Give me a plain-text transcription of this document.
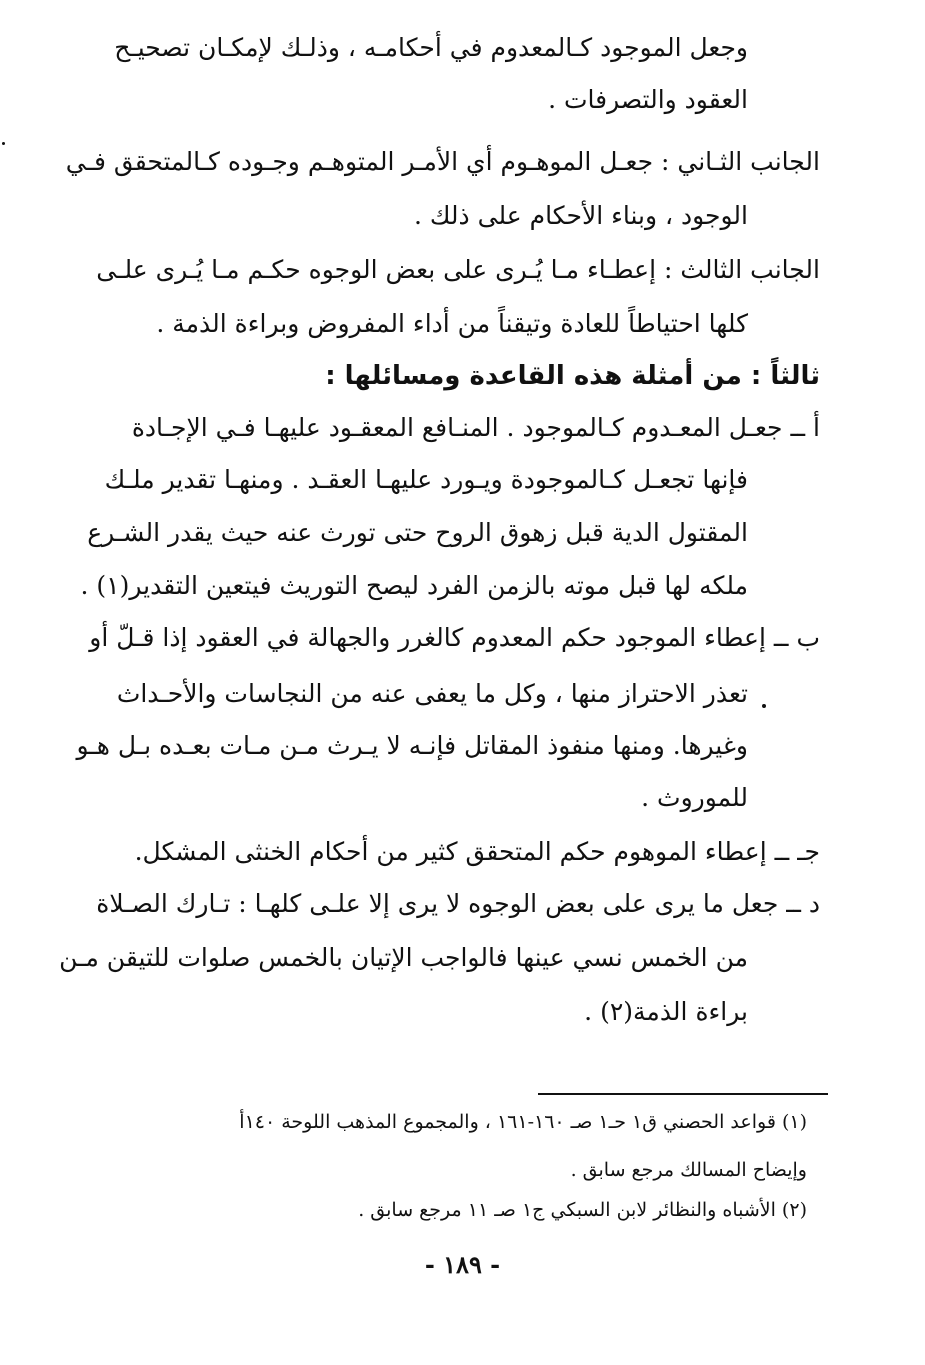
وجعل الموجود كـالمعدوم في أحكامـه ، وذلـك لإمكـان تصحيـح

العقود والتصرفات .

الجانب الثـاني : جعـل الموهـوم أي الأمـر المتوهـم وجـوده كـالمتحقق فـي

الوجود ، وبناء الأحكام على ذلك .

الجانب الثالث : إعطـاء مـا يُـرى على بعض الوجوه حكـم مـا يُـرى علـى

كلها احتياطاً للعادة وتيقناً من أداء المفروض وبراءة الذمة .

ثالثاً : من أمثلة هذه القاعدة ومسائلها :

أ ــ جعـل المعـدوم كـالموجود . المنـافع المعقـود عليهـا فـي الإجـادة

فإنها تجعـل كـالموجودة ويـورد عليهـا العقـد . ومنهـا تقدير ملـك

المقتول الدية قبل زهوق الروح حتى تورث عنه حيث يقدر الشـرع

ملكه لها قبل موته بالزمن الفرد ليصح التوريث فيتعين التقدير(١) .

ب ــ إعطاء الموجود حكم المعدوم كالغرر والجهالة في العقود إذا قـلّ أو

تعذر الاحتراز منها ، وكل ما يعفى عنه من النجاسات والأحـداث

وغيرها. ومنها منفوذ المقاتل فإنـه لا يـرث مـن مـات بعـده بـل هـو

للموروث .

جـ ــ إعطاء الموهوم حكم المتحقق كثير من أحكام الخنثى المشكل.

د ــ جعل ما يرى على بعض الوجوه لا يرى إلا علـى كلهـا : تـارك الصـلاة

من الخمس نسي عينها فالواجب الإتيان بالخمس صلوات للتيقن مـن

براءة الذمة(٢) .

(١) قواعد الحصني ق١ حـ١ صـ ١٦٠-١٦١ ، والمجموع المذهب اللوحة ١٤٠أ

وإيضاح المسالك مرجع سابق .

(٢) الأشباه والنظائر لابن السبكي ج١ صـ ١١ مرجع سابق .

- ١٨٩ -
